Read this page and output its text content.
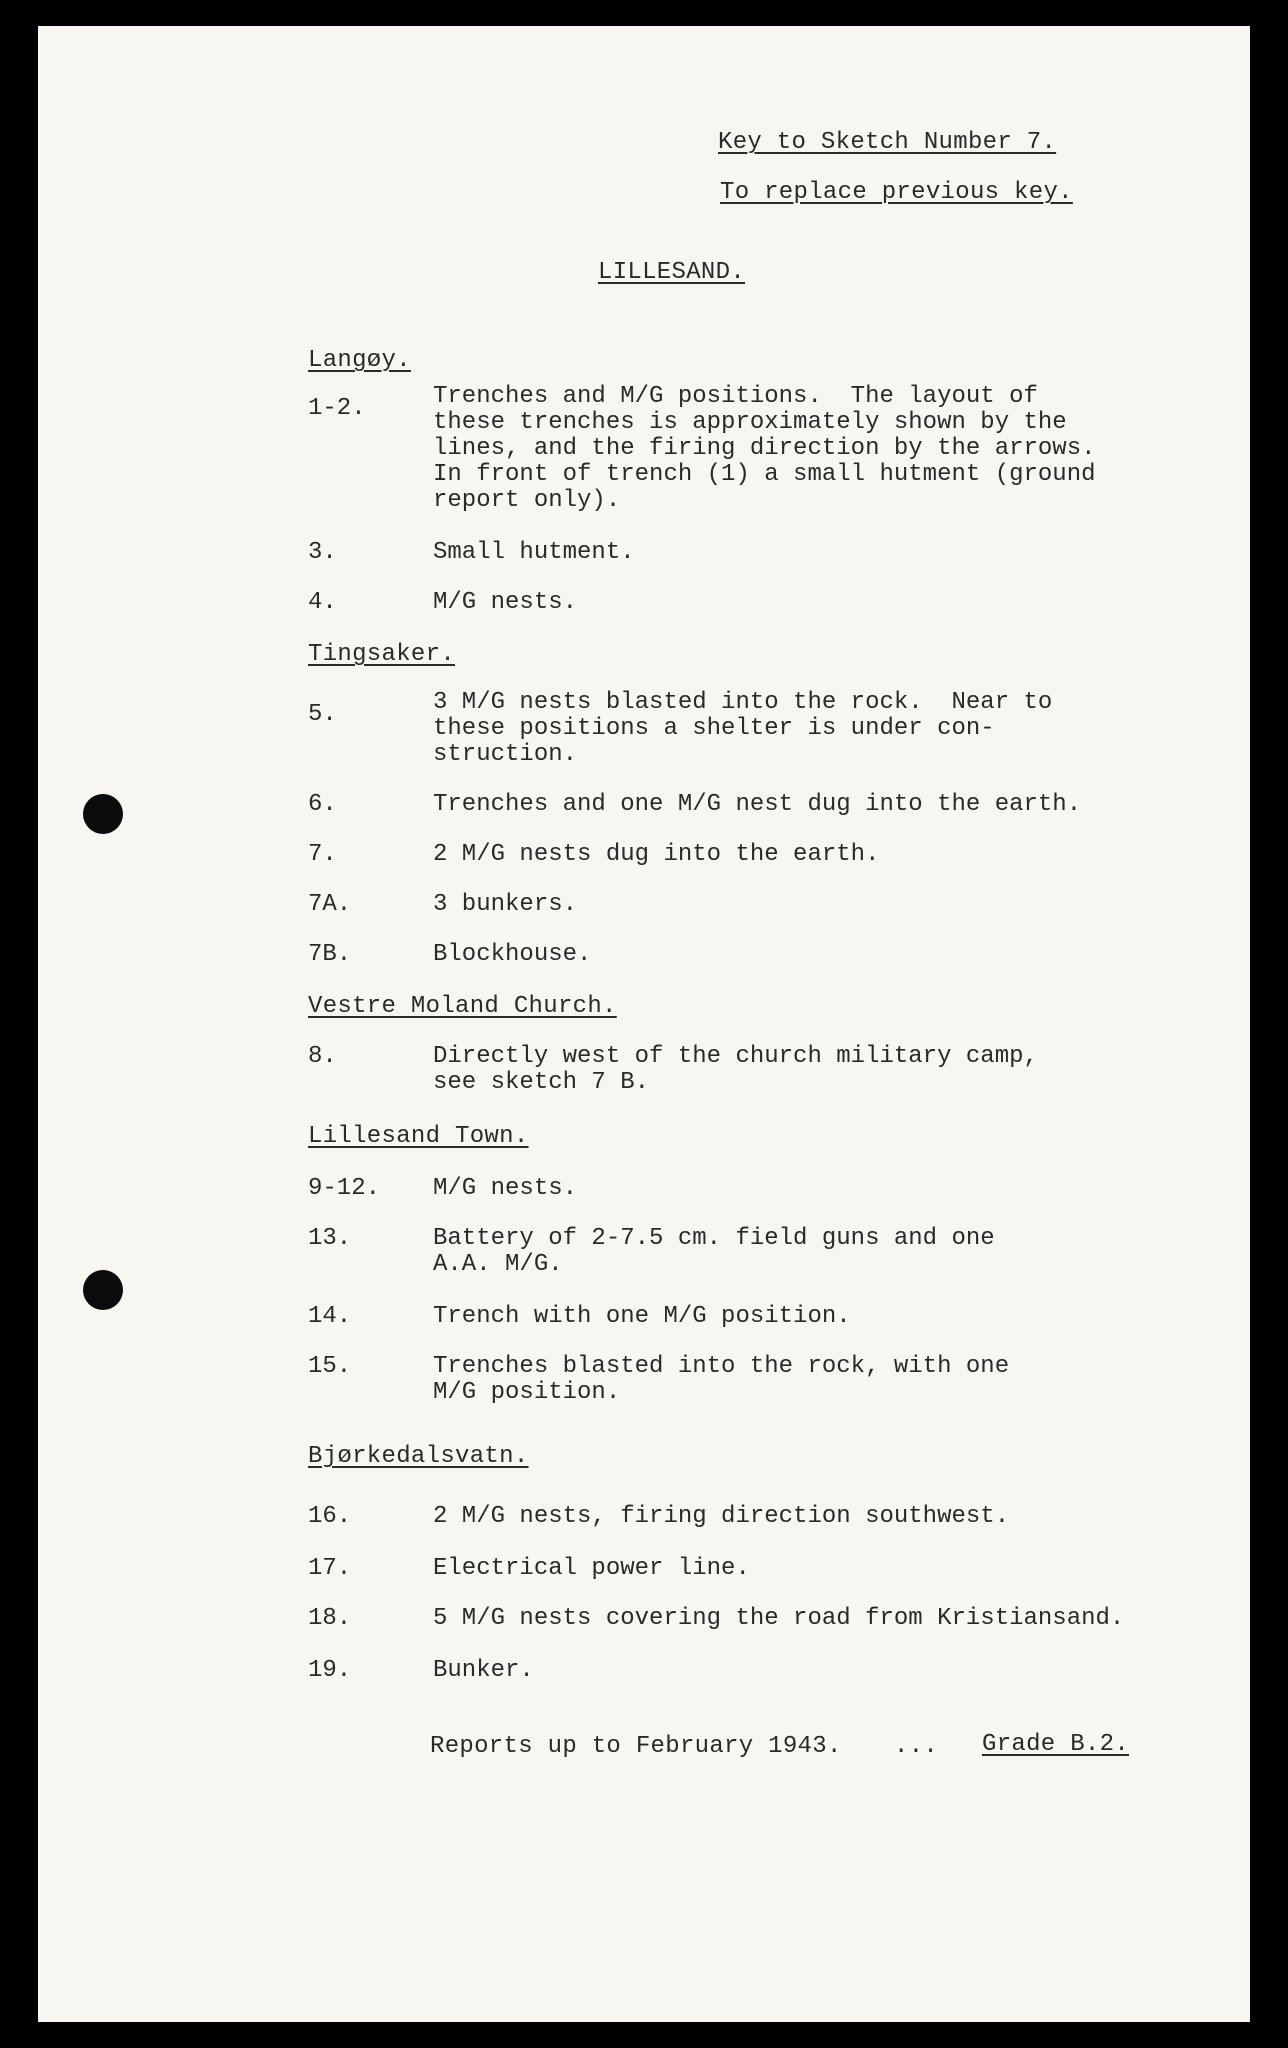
Key to Sketch Number 7.
To replace previous key.
LILLESAND.
Langøy.
1-2.	Trenches and M/G positions.  The layout of
these trenches is approximately shown by the
lines, and the firing direction by the arrows.
In front of trench (1) a small hutment (ground
report only).
3.	Small hutment.
4.	M/G nests.
Tingsaker.
5.	3 M/G nests blasted into the rock.  Near to
these positions a shelter is under con-
struction.
6.	Trenches and one M/G nest dug into the earth.
7.	2 M/G nests dug into the earth.
7A.	3 bunkers.
7B.	Blockhouse.
Vestre Moland Church.
8.	Directly west of the church military camp,
see sketch 7 B.
Lillesand Town.
9-12. M/G nests.
13.	Battery of 2-7.5 cm. field guns and one
A.A. M/G.
14.	Trench with one M/G position.
15.	Trenches blasted into the rock, with one
M/G position.
Bjørkedalsvatn.
16.	2 M/G nests, firing direction southwest.
17.	Electrical power line.
18.	5 M/G nests covering the road from Kristiansand.
19.	Bunker.
Reports up to February 1943. ... Grade B.2.
